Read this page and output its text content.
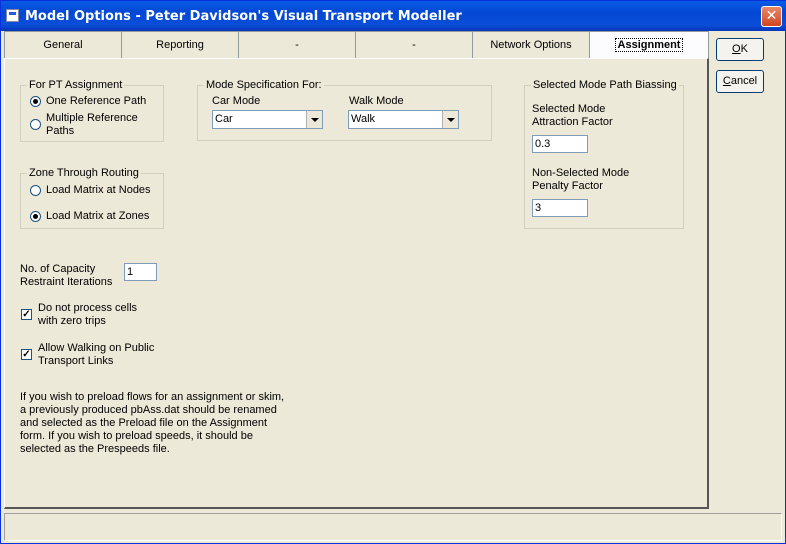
Model Options - Peter Davidson's Visual Transport Modeller	✕
General	Reporting	-	-	Network Options	Assignment	OK
Cancel
For PT Assignment
One Reference Path
Multiple Reference
Paths
Zone Through Routing
Load Matrix at Nodes
Load Matrix at Zones
Mode Specification For:
Car Mode
Car
Walk Mode
Walk
Selected Mode Path Biassing
Selected Mode
Attraction Factor
0.3
Non-Selected Mode
Penalty Factor
3
No. of Capacity
Restraint Iterations
1
✓
Do not process cells
with zero trips
✓
Allow Walking on Public
Transport Links
If you wish to preload flows for an assignment or skim,
a previously produced pbAss.dat should be renamed
and selected as the Preload file on the Assignment
form. If you wish to preload speeds, it should be
selected as the Prespeeds file.
